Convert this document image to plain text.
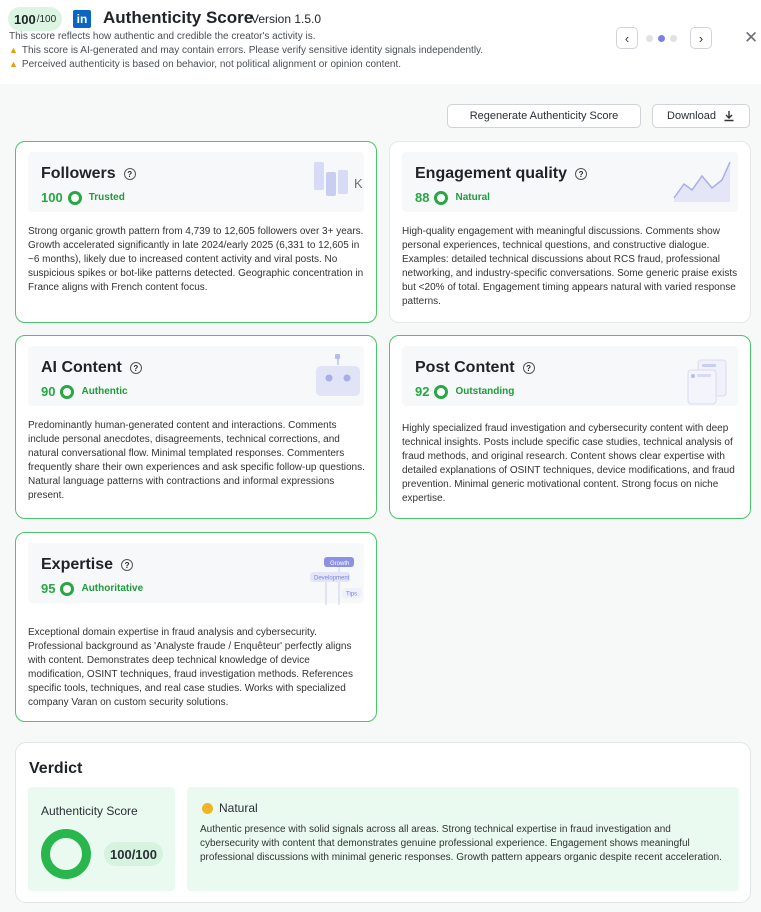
100 /100 in Authenticity Score
Version 1.5.0
This score reflects how authentic and credible the creator's activity is.
▲ This score is AI-generated and may contain errors. Please verify sensitive identity signals independently.
▲ Perceived authenticity is based on behavior, not political alignment or opinion content.
‹	› ✕
Regenerate Authenticity Score	Download
Followers	?
100	Trusted
K
Strong organic growth pattern from 4,739 to 12,605 followers over 3+ years. Growth accelerated significantly in late 2024/early 2025 (6,331 to 12,605 in ~6 months), likely due to increased content activity and viral posts. No suspicious spikes or bot-like patterns detected. Geographic concentration in France aligns with French content focus.
Engagement quality	?
88	Natural
High-quality engagement with meaningful discussions. Comments show personal experiences, technical questions, and constructive dialogue. Examples: detailed technical discussions about RCS fraud, professional networking, and industry-specific conversations. Some generic praise exists but <20% of total. Engagement timing appears natural with varied response patterns.
AI Content	?
90	Authentic
Predominantly human-generated content and interactions. Comments include personal anecdotes, disagreements, technical corrections, and natural conversational flow. Minimal templated responses. Commenters frequently share their own experiences and ask specific follow-up questions. Natural language patterns with contractions and informal expressions present.
Post Content	?
92	Outstanding
Highly specialized fraud investigation and cybersecurity content with deep technical insights. Posts include specific case studies, technical analysis of fraud methods, and original research. Content shows clear expertise with detailed explanations of OSINT techniques, device modifications, and fraud prevention. Minimal generic motivational content. Strong focus on niche expertise.
Expertise	?
95	Authoritative
Growth
Development
Tips
Exceptional domain expertise in fraud analysis and cybersecurity. Professional background as 'Analyste fraude / Enquêteur' perfectly aligns with content. Demonstrates deep technical knowledge of device modification, OSINT techniques, fraud investigation methods. References specific tools, techniques, and real case studies. Works with specialized company Varan on custom security solutions.
Verdict
Authenticity Score
100/100
Natural
Authentic presence with solid signals across all areas. Strong technical expertise in fraud investigation and cybersecurity with content that demonstrates genuine professional experience. Engagement shows meaningful professional discussions with minimal generic responses. Growth pattern appears organic despite recent acceleration.
